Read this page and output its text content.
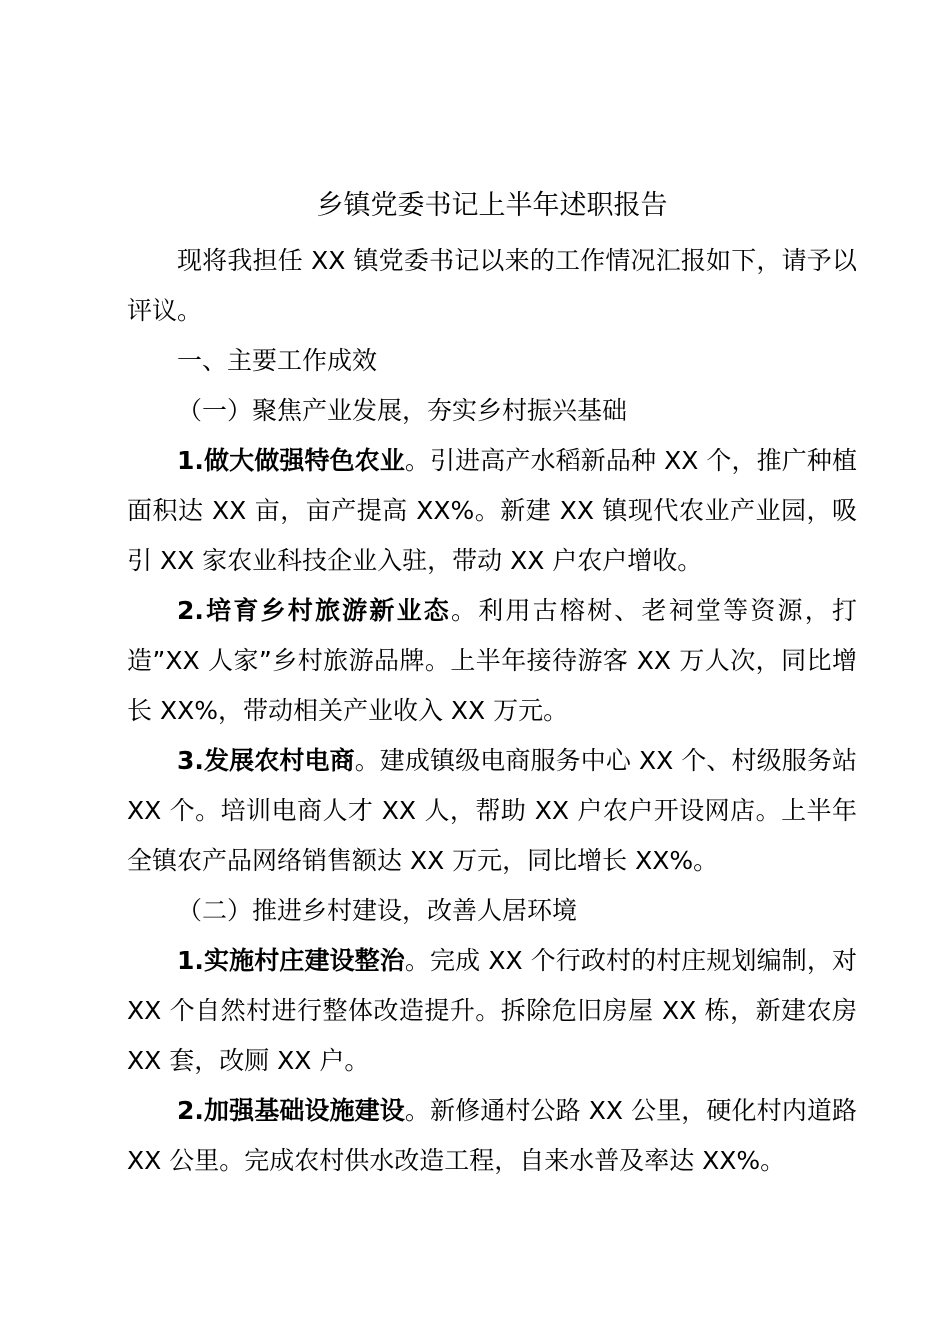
乡镇党委书记上半年述职报告

现将我担任 XX 镇党委书记以来的工作情况汇报如下，请予以评议。

一、主要工作成效

（一）聚焦产业发展，夯实乡村振兴基础

1.做大做强特色农业。引进高产水稻新品种 XX 个，推广种植面积达 XX 亩，亩产提高 XX%。新建 XX 镇现代农业产业园，吸引 XX 家农业科技企业入驻，带动 XX 户农户增收。

2.培育乡村旅游新业态。利用古榕树、老祠堂等资源，打造”XX 人家”乡村旅游品牌。上半年接待游客 XX 万人次，同比增长 XX%，带动相关产业收入 XX 万元。

3.发展农村电商。建成镇级电商服务中心 XX 个、村级服务站 XX 个。培训电商人才 XX 人，帮助 XX 户农户开设网店。上半年全镇农产品网络销售额达 XX 万元，同比增长 XX%。

（二）推进乡村建设，改善人居环境

1.实施村庄建设整治。完成 XX 个行政村的村庄规划编制，对 XX 个自然村进行整体改造提升。拆除危旧房屋 XX 栋，新建农房 XX 套，改厕 XX 户。

2.加强基础设施建设。新修通村公路 XX 公里，硬化村内道路 XX 公里。完成农村供水改造工程，自来水普及率达 XX%。
